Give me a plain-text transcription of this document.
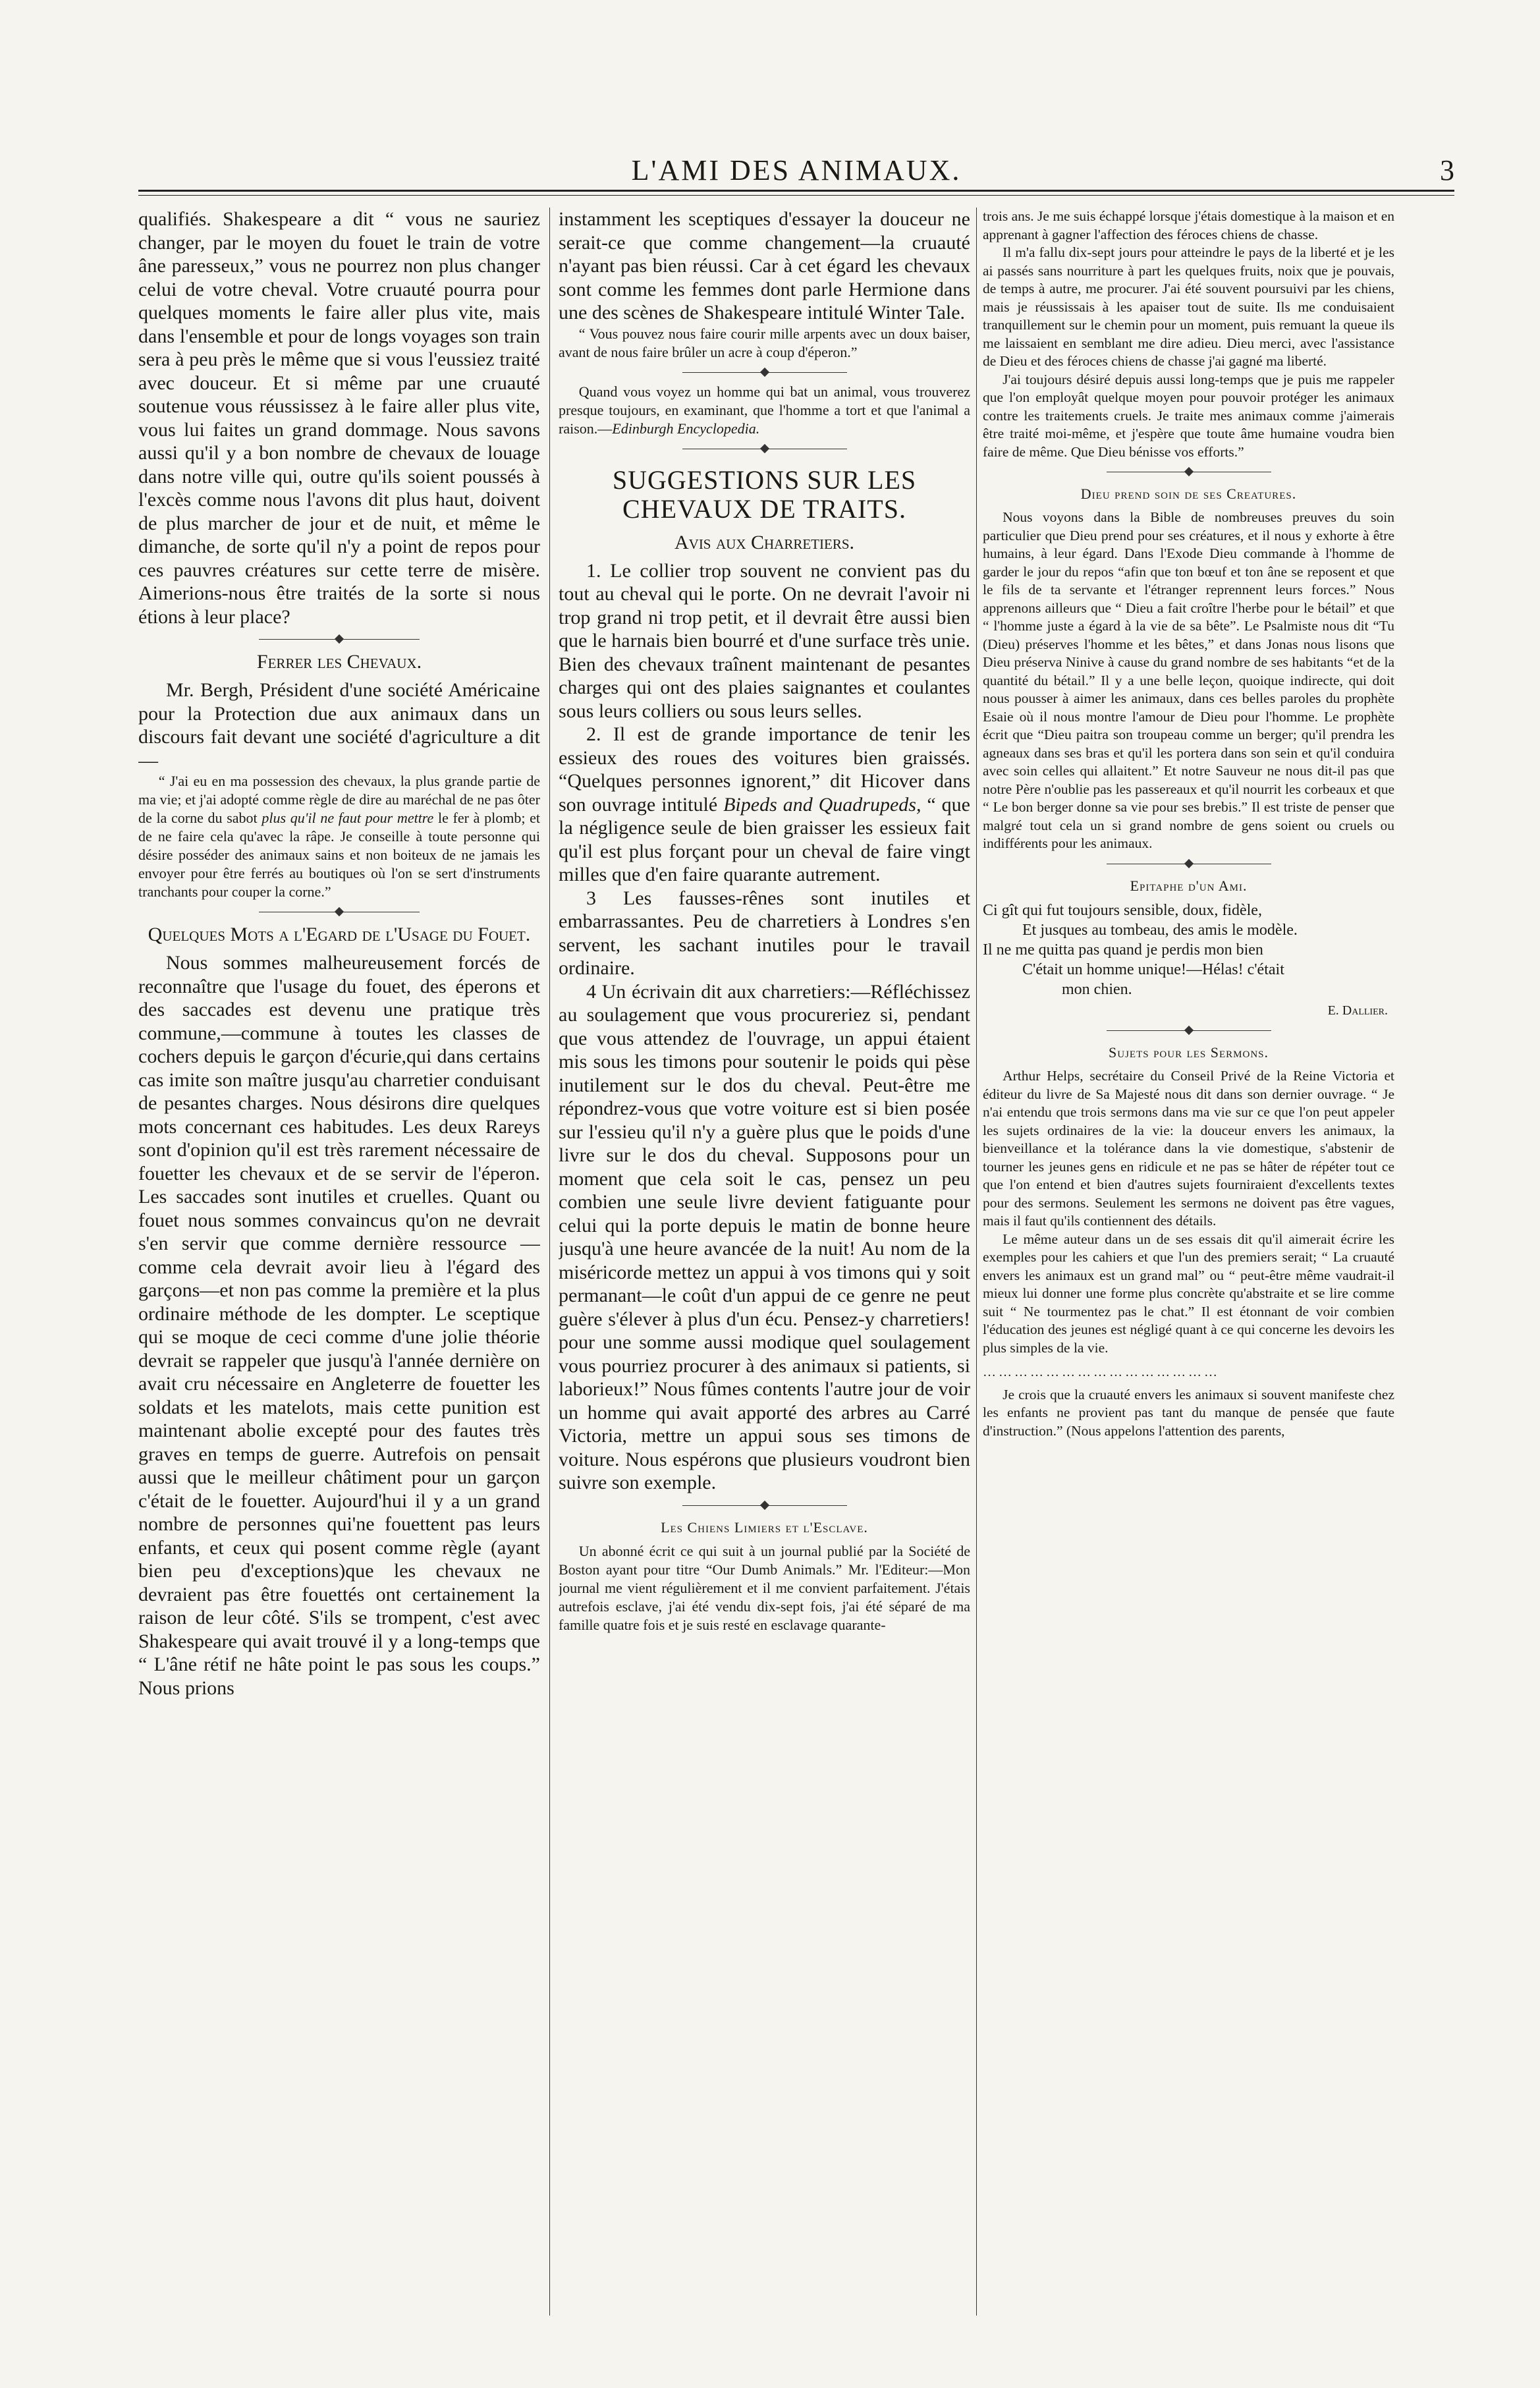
L'AMI DES ANIMAUX.	3

qualifiés. Shakespeare a dit “ vous ne sauriez changer, par le moyen du fouet le train de votre âne paresseux,” vous ne pourrez non plus changer celui de votre cheval. Votre cruauté pourra pour quelques moments le faire aller plus vite, mais dans l'ensemble et pour de longs voyages son train sera à peu près le même que si vous l'eussiez traité avec douceur. Et si même par une cruauté soutenue vous réussissez à le faire aller plus vite, vous lui faites un grand dommage. Nous savons aussi qu'il y a bon nombre de chevaux de louage dans notre ville qui, outre qu'ils soient poussés à l'excès comme nous l'avons dit plus haut, doivent de plus marcher de jour et de nuit, et même le dimanche, de sorte qu'il n'y a point de repos pour ces pauvres créatures sur cette terre de misère. Aimerions-nous être traités de la sorte si nous étions à leur place?

Ferrer les Chevaux.

Mr. Bergh, Président d'une société Américaine pour la Protection due aux animaux dans un discours fait devant une société d'agriculture a dit—

“ J'ai eu en ma possession des chevaux, la plus grande partie de ma vie; et j'ai adopté comme règle de dire au maréchal de ne pas ôter de la corne du sabot plus qu'il ne faut pour mettre le fer à plomb; et de ne faire cela qu'avec la râpe. Je conseille à toute personne qui désire posséder des animaux sains et non boiteux de ne jamais les envoyer pour être ferrés au boutiques où l'on se sert d'instruments tranchants pour couper la corne.”

Quelques Mots a l'Egard de l'Usage du Fouet.

Nous sommes malheureusement forcés de reconnaître que l'usage du fouet, des éperons et des saccades est devenu une pratique très commune,—commune à toutes les classes de cochers depuis le garçon d'écurie,qui dans certains cas imite son maître jusqu'au charretier conduisant de pesantes charges. Nous désirons dire quelques mots concernant ces habitudes. Les deux Rareys sont d'opinion qu'il est très rarement nécessaire de fouetter les chevaux et de se servir de l'éperon. Les saccades sont inutiles et cruelles. Quant ou fouet nous sommes convaincus qu'on ne devrait s'en servir que comme dernière ressource —comme cela devrait avoir lieu à l'égard des garçons—et non pas comme la première et la plus ordinaire méthode de les dompter. Le sceptique qui se moque de ceci comme d'une jolie théorie devrait se rappeler que jusqu'à l'année dernière on avait cru nécessaire en Angleterre de fouetter les soldats et les matelots, mais cette punition est maintenant abolie excepté pour des fautes très graves en temps de guerre. Autrefois on pensait aussi que le meilleur châtiment pour un garçon c'était de le fouetter. Aujourd'hui il y a un grand nombre de personnes qui'ne fouettent pas leurs enfants, et ceux qui posent comme règle (ayant bien peu d'exceptions)que les chevaux ne devraient pas être fouettés ont certainement la raison de leur côté. S'ils se trompent, c'est avec Shakespeare qui avait trouvé il y a long-temps que “ L'âne rétif ne hâte point le pas sous les coups.” Nous prions

instamment les sceptiques d'essayer la douceur ne serait-ce que comme changement—la cruauté n'ayant pas bien réussi. Car à cet égard les chevaux sont comme les femmes dont parle Hermione dans une des scènes de Shakespeare intitulé Winter Tale.

“ Vous pouvez nous faire courir mille arpents avec un doux baiser, avant de nous faire brûler un acre à coup d'éperon.”

Quand vous voyez un homme qui bat un animal, vous trouverez presque toujours, en examinant, que l'homme a tort et que l'animal a raison.—Edinburgh Encyclopedia.

SUGGESTIONS SUR LES CHEVAUX DE TRAITS.
Avis aux Charretiers.

1. Le collier trop souvent ne convient pas du tout au cheval qui le porte. On ne devrait l'avoir ni trop grand ni trop petit, et il devrait être aussi bien que le harnais bien bourré et d'une surface très unie. Bien des chevaux traînent maintenant de pesantes charges qui ont des plaies saignantes et coulantes sous leurs colliers ou sous leurs selles.

2. Il est de grande importance de tenir les essieux des roues des voitures bien graissés. “Quelques personnes ignorent,” dit Hicover dans son ouvrage intitulé Bipeds and Quadrupeds, “ que la négligence seule de bien graisser les essieux fait qu'il est plus forçant pour un cheval de faire vingt milles que d'en faire quarante autrement.

3 Les fausses-rênes sont inutiles et embarrassantes. Peu de charretiers à Londres s'en servent, les sachant inutiles pour le travail ordinaire.

4 Un écrivain dit aux charretiers:—Réfléchissez au soulagement que vous procureriez si, pendant que vous attendez de l'ouvrage, un appui étaient mis sous les timons pour soutenir le poids qui pèse inutilement sur le dos du cheval. Peut-être me répondrez-vous que votre voiture est si bien posée sur l'essieu qu'il n'y a guère plus que le poids d'une livre sur le dos du cheval. Supposons pour un moment que cela soit le cas, pensez un peu combien une seule livre devient fatiguante pour celui qui la porte depuis le matin de bonne heure jusqu'à une heure avancée de la nuit! Au nom de la miséricorde mettez un appui à vos timons qui y soit permanant—le coût d'un appui de ce genre ne peut guère s'élever à plus d'un écu. Pensez-y charretiers! pour une somme aussi modique quel soulagement vous pourriez procurer à des animaux si patients, si laborieux!” Nous fûmes contents l'autre jour de voir un homme qui avait apporté des arbres au Carré Victoria, mettre un appui sous ses timons de voiture. Nous espérons que plusieurs voudront bien suivre son exemple.

Les Chiens Limiers et l'Esclave.

Un abonné écrit ce qui suit à un journal publié par la Société de Boston ayant pour titre “Our Dumb Animals.” Mr. l'Editeur:—Mon journal me vient régulièrement et il me convient parfaitement. J'étais autrefois esclave, j'ai été vendu dix-sept fois, j'ai été séparé de ma famille quatre fois et je suis resté en esclavage quarante-

trois ans. Je me suis échappé lorsque j'étais domestique à la maison et en apprenant à gagner l'affection des féroces chiens de chasse.

Il m'a fallu dix-sept jours pour atteindre le pays de la liberté et je les ai passés sans nourriture à part les quelques fruits, noix que je pouvais, de temps à autre, me procurer. J'ai été souvent poursuivi par les chiens, mais je réussissais à les apaiser tout de suite. Ils me conduisaient tranquillement sur le chemin pour un moment, puis remuant la queue ils me laissaient en semblant me dire adieu. Dieu merci, avec l'assistance de Dieu et des féroces chiens de chasse j'ai gagné ma liberté.

J'ai toujours désiré depuis aussi long-temps que je puis me rappeler que l'on employât quelque moyen pour pouvoir protéger les animaux contre les traitements cruels. Je traite mes animaux comme j'aimerais être traité moi-même, et j'espère que toute âme humaine voudra bien faire de même. Que Dieu bénisse vos efforts.”

Dieu prend soin de ses Creatures.

Nous voyons dans la Bible de nombreuses preuves du soin particulier que Dieu prend pour ses créatures, et il nous y exhorte à être humains, à leur égard. Dans l'Exode Dieu commande à l'homme de garder le jour du repos “afin que ton bœuf et ton âne se reposent et que le fils de ta servante et l'étranger reprennent leurs forces.” Nous apprenons ailleurs que “ Dieu a fait croître l'herbe pour le bétail” et que “ l'homme juste a égard à la vie de sa bête”. Le Psalmiste nous dit “Tu (Dieu) préserves l'homme et les bêtes,” et dans Jonas nous lisons que Dieu préserva Ninive à cause du grand nombre de ses habitants “et de la quantité du bétail.” Il y a une belle leçon, quoique indirecte, qui doit nous pousser à aimer les animaux, dans ces belles paroles du prophète Esaie où il nous montre l'amour de Dieu pour l'homme. Le prophète écrit que “Dieu paitra son troupeau comme un berger; qu'il prendra les agneaux dans ses bras et qu'il les portera dans son sein et qu'il conduira avec soin celles qui allaitent.” Et notre Sauveur ne nous dit-il pas que notre Père n'oublie pas les passereaux et qu'il nourrit les corbeaux et que “ Le bon berger donne sa vie pour ses brebis.” Il est triste de penser que malgré tout cela un si grand nombre de gens soient ou cruels ou indifférents pour les animaux.

Epitaphe d'un Ami.
Ci gît qui fut toujours sensible, doux, fidèle,
Et jusques au tombeau, des amis le modèle.
Il ne me quitta pas quand je perdis mon bien
C'était un homme unique!—Hélas! c'était
mon chien.
E. Dallier.
Sujets pour les Sermons.

Arthur Helps, secrétaire du Conseil Privé de la Reine Victoria et éditeur du livre de Sa Majesté nous dit dans son dernier ouvrage. “ Je n'ai entendu que trois sermons dans ma vie sur ce que l'on peut appeler les sujets ordinaires de la vie: la douceur envers les animaux, la bienveillance et la tolérance dans la vie domestique, s'abstenir de tourner les jeunes gens en ridicule et ne pas se hâter de répéter tout ce que l'on entend et bien d'autres sujets fourniraient d'excellents textes pour des sermons. Seulement les sermons ne doivent pas être vagues, mais il faut qu'ils contiennent des détails.

Le même auteur dans un de ses essais dit qu'il aimerait écrire les exemples pour les cahiers et que l'un des premiers serait; “ La cruauté envers les animaux est un grand mal” ou “ peut-être même vaudrait-il mieux lui donner une forme plus concrète qu'abstraite et se lire comme suit “ Ne tourmentez pas le chat.” Il est étonnant de voir combien l'éducation des jeunes est négligé quant à ce qui concerne les devoirs les plus simples de la vie.

………………………………………

Je crois que la cruauté envers les animaux si souvent manifeste chez les enfants ne provient pas tant du manque de pensée que faute d'instruction.” (Nous appelons l'attention des parents,
